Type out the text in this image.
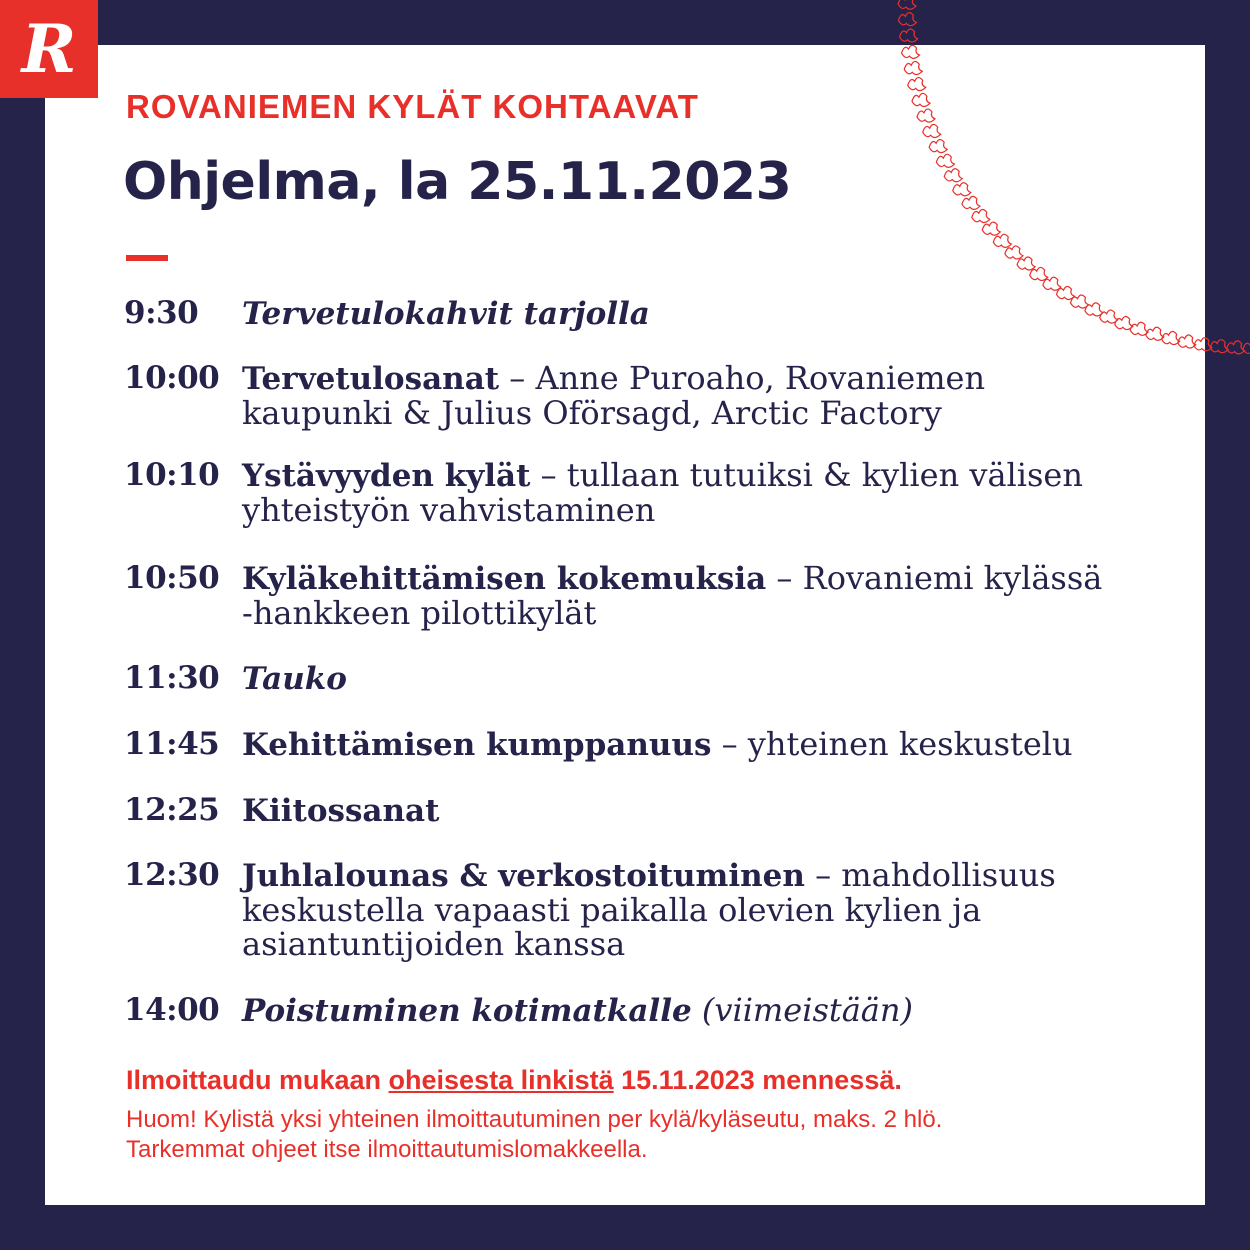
R
ROVANIEMEN KYLÄT KOHTAAVAT
Ohjelma, la 25.11.2023
9:30	Tervetulokahvit tarjolla
10:00 Tervetulosanat – Anne Puroaho, Rovaniemen kaupunki & Julius Oförsagd, Arctic Factory
10:10 Ystävyyden kylät – tullaan tutuiksi & kylien välisen yhteistyön vahvistaminen
10:50 Kyläkehittämisen kokemuksia – Rovaniemi kylässä -hankkeen pilottikylät
11:30 Tauko
11:45 Kehittämisen kumppanuus – yhteinen keskustelu
12:25 Kiitossanat
12:30 Juhlalounas & verkostoituminen – mahdollisuus keskustella vapaasti paikalla olevien kylien ja asiantuntijoiden kanssa
14:00 Poistuminen kotimatkalle (viimeistään)
Ilmoittaudu mukaan oheisesta linkistä 15.11.2023 mennessä.
Huom! Kylistä yksi yhteinen ilmoittautuminen per kylä/kyläseutu, maks. 2 hlö.
Tarkemmat ohjeet itse ilmoittautumislomakkeella.
